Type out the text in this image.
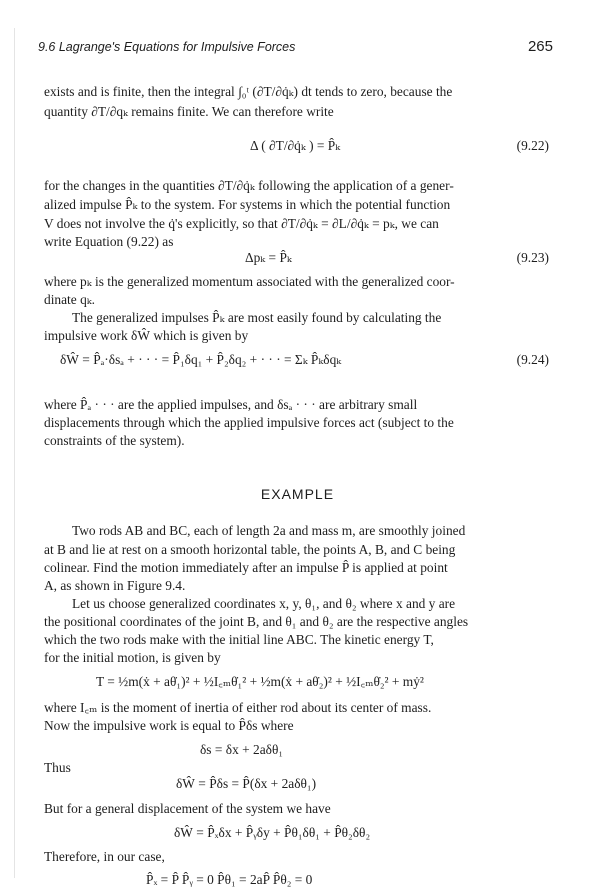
9.6 Lagrange's Equations for Impulsive Forces	265
exists and is finite, then the integral ∫₀ᵗ (∂T/∂q̇ₖ) dt tends to zero, because the
quantity ∂T/∂qₖ remains finite. We can therefore write
Δ ( ∂T/∂q̇ₖ ) = P̂ₖ	(9.22)
for the changes in the quantities ∂T/∂q̇ₖ following the application of a gener-
alized impulse P̂ₖ to the system. For systems in which the potential function
V does not involve the q̇'s explicitly, so that ∂T/∂q̇ₖ = ∂L/∂q̇ₖ = pₖ, we can
write Equation (9.22) as
Δpₖ = P̂ₖ	(9.23)
where pₖ is the generalized momentum associated with the generalized coor-
dinate qₖ.
The generalized impulses P̂ₖ are most easily found by calculating the
impulsive work δŴ which is given by
δŴ = P̂ₐ·δsₐ + · · · = P̂₁δq₁ + P̂₂δq₂ + · · · = Σₖ P̂ₖδqₖ	(9.24)
where P̂ₐ · · · are the applied impulses, and δsₐ · · · are arbitrary small
displacements through which the applied impulsive forces act (subject to the
constraints of the system).
EXAMPLE
Two rods AB and BC, each of length 2a and mass m, are smoothly joined
at B and lie at rest on a smooth horizontal table, the points A, B, and C being
colinear. Find the motion immediately after an impulse P̂ is applied at point
A, as shown in Figure 9.4.
Let us choose generalized coordinates x, y, θ₁, and θ₂ where x and y are
the positional coordinates of the joint B, and θ₁ and θ₂ are the respective angles
which the two rods make with the initial line ABC. The kinetic energy T,
for the initial motion, is given by
T = ½m(ẋ + aθ̇₁)² + ½I꜀ₘθ̇₁² + ½m(ẋ + aθ̇₂)² + ½I꜀ₘθ̇₂² + mẏ²
where I꜀ₘ is the moment of inertia of either rod about its center of mass.
Now the impulsive work is equal to P̂δs where
δs = δx + 2aδθ₁
Thus
δŴ = P̂δs = P̂(δx + 2aδθ₁)
But for a general displacement of the system we have
δŴ = P̂ₓδx + P̂ᵧδy + P̂θ₁δθ₁ + P̂θ₂δθ₂
Therefore, in our case,
P̂ₓ = P̂ P̂ᵧ = 0 P̂θ₁ = 2aP̂ P̂θ₂ = 0
